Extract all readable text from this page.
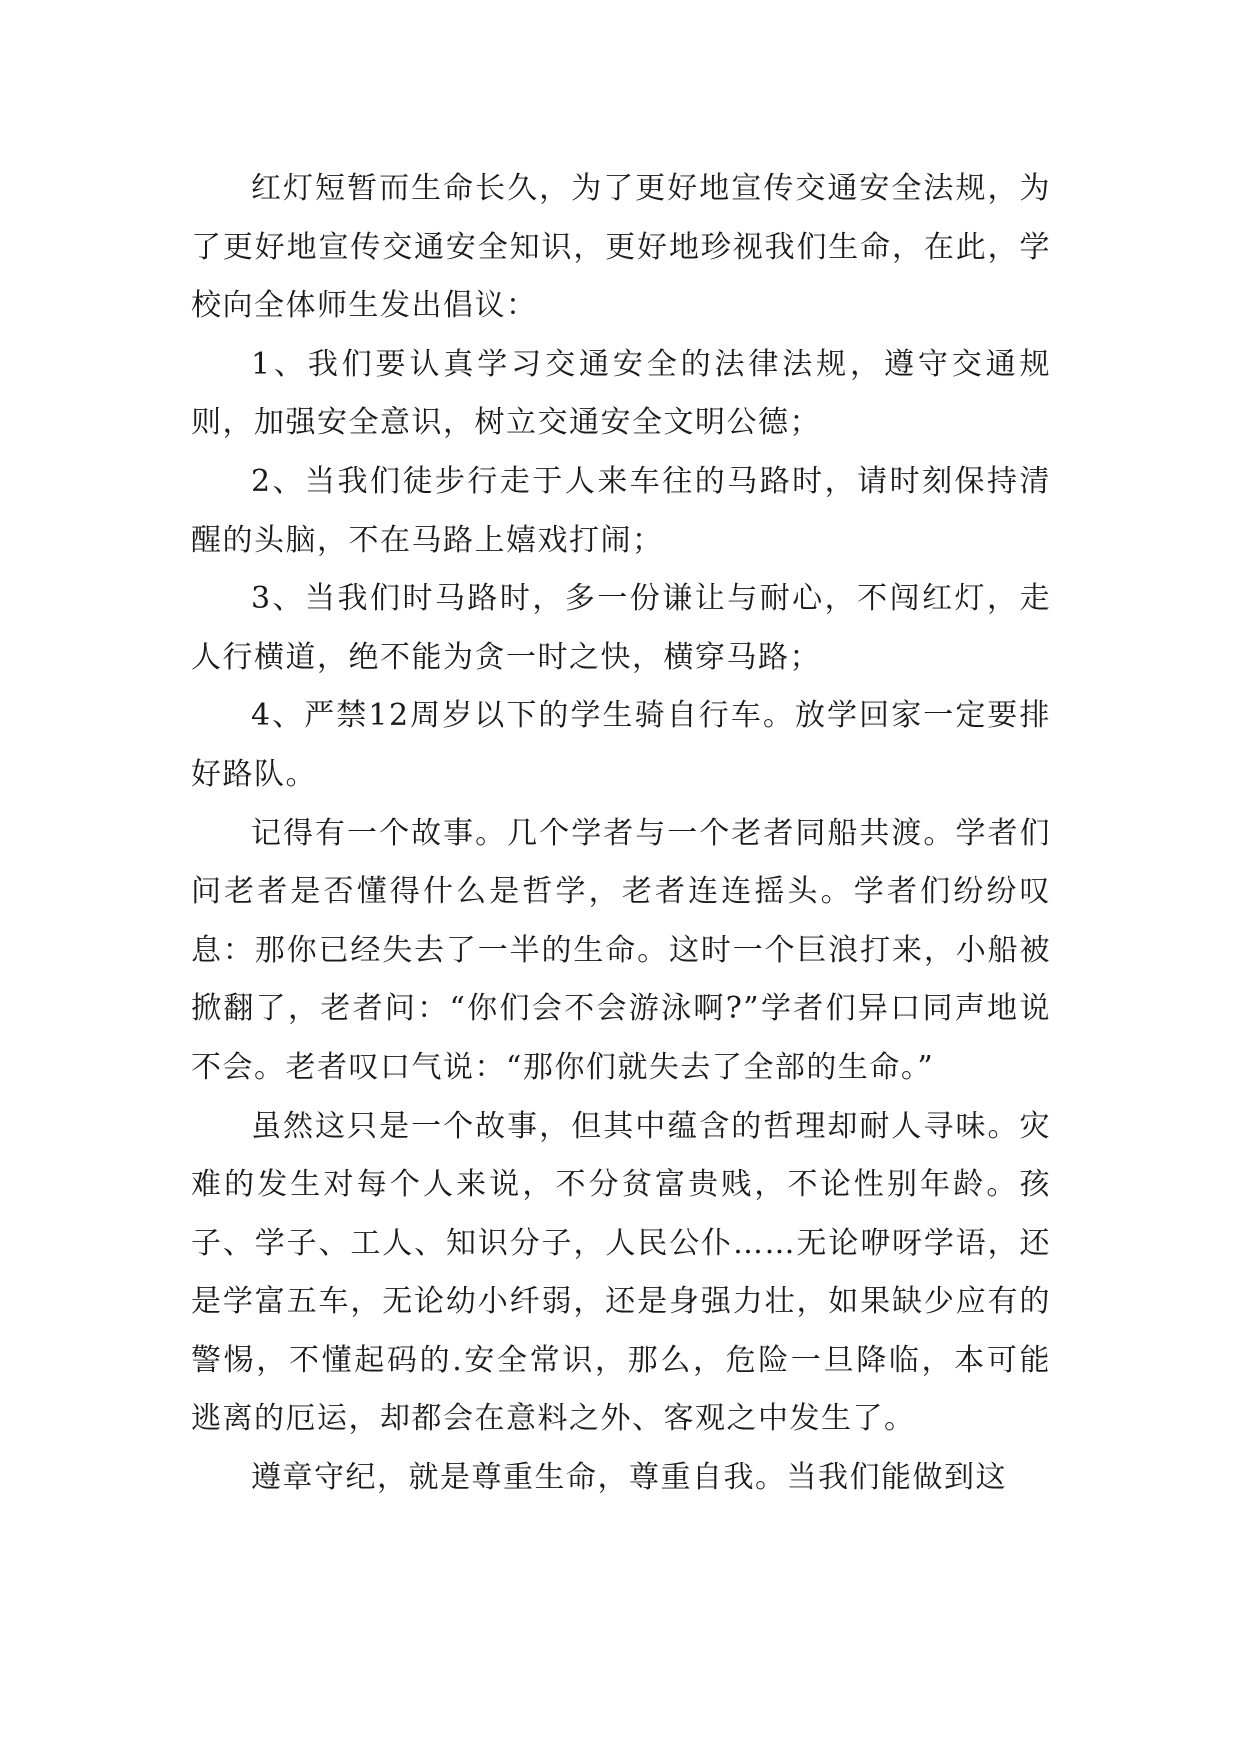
红灯短暂而生命长久，为了更好地宣传交通安全法规，为了更好地宣传交通安全知识，更好地珍视我们生命，在此，学校向全体师生发出倡议：

1、我们要认真学习交通安全的法律法规，遵守交通规则，加强安全意识，树立交通安全文明公德；

2、当我们徒步行走于人来车往的马路时，请时刻保持清醒的头脑，不在马路上嬉戏打闹；

3、当我们时马路时，多一份谦让与耐心，不闯红灯，走人行横道，绝不能为贪一时之快，横穿马路；

4、严禁12周岁以下的学生骑自行车。放学回家一定要排好路队。

记得有一个故事。几个学者与一个老者同船共渡。学者们问老者是否懂得什么是哲学，老者连连摇头。学者们纷纷叹息：那你已经失去了一半的生命。这时一个巨浪打来，小船被掀翻了，老者问：“你们会不会游泳啊?”学者们异口同声地说不会。老者叹口气说：“那你们就失去了全部的生命。”

虽然这只是一个故事，但其中蕴含的哲理却耐人寻味。灾难的发生对每个人来说，不分贫富贵贱，不论性别年龄。孩子、学子、工人、知识分子，人民公仆……无论咿呀学语，还是学富五车，无论幼小纤弱，还是身强力壮，如果缺少应有的警惕，不懂起码的.安全常识，那么，危险一旦降临，本可能逃离的厄运，却都会在意料之外、客观之中发生了。

遵章守纪，就是尊重生命，尊重自我。当我们能做到这
